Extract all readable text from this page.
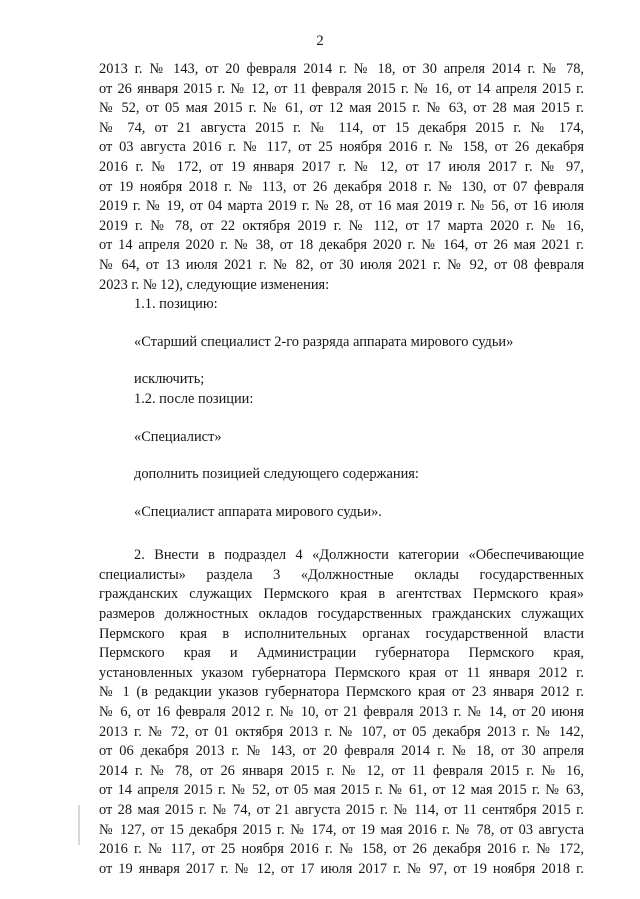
2
2013 г. № 143, от 20 февраля 2014 г. № 18, от 30 апреля 2014 г. № 78,
от 26 января 2015 г. № 12, от 11 февраля 2015 г. № 16, от 14 апреля 2015 г.
№ 52, от 05 мая 2015 г. № 61, от 12 мая 2015 г. № 63, от 28 мая 2015 г.
№ 74, от 21 августа 2015 г. № 114, от 15 декабря 2015 г. № 174,
от 03 августа 2016 г. № 117, от 25 ноября 2016 г. № 158, от 26 декабря
2016 г. № 172, от 19 января 2017 г. № 12, от 17 июля 2017 г. № 97,
от 19 ноября 2018 г. № 113, от 26 декабря 2018 г. № 130, от 07 февраля
2019 г. № 19, от 04 марта 2019 г. № 28, от 16 мая 2019 г. № 56, от 16 июля
2019 г. № 78, от 22 октября 2019 г. № 112, от 17 марта 2020 г. № 16,
от 14 апреля 2020 г. № 38, от 18 декабря 2020 г. № 164, от 26 мая 2021 г.
№ 64, от 13 июля 2021 г. № 82, от 30 июля 2021 г. № 92, от 08 февраля
2023 г. № 12), следующие изменения:
1.1. позицию:
«Старший специалист 2-го разряда аппарата мирового судьи»
исключить;
1.2. после позиции:
«Специалист»
дополнить позицией следующего содержания:
«Специалист аппарата мирового судьи».
2. Внести в подраздел 4 «Должности категории «Обеспечивающие
специалисты» раздела 3 «Должностные оклады государственных
гражданских служащих Пермского края в агентствах Пермского края»
размеров должностных окладов государственных гражданских служащих
Пермского края в исполнительных органах государственной власти
Пермского края и Администрации губернатора Пермского края,
установленных указом губернатора Пермского края от 11 января 2012 г.
№ 1 (в редакции указов губернатора Пермского края от 23 января 2012 г.
№ 6, от 16 февраля 2012 г. № 10, от 21 февраля 2013 г. № 14, от 20 июня
2013 г. № 72, от 01 октября 2013 г. № 107, от 05 декабря 2013 г. № 142,
от 06 декабря 2013 г. № 143, от 20 февраля 2014 г. № 18, от 30 апреля
2014 г. № 78, от 26 января 2015 г. № 12, от 11 февраля 2015 г. № 16,
от 14 апреля 2015 г. № 52, от 05 мая 2015 г. № 61, от 12 мая 2015 г. № 63,
от 28 мая 2015 г. № 74, от 21 августа 2015 г. № 114, от 11 сентября 2015 г.
№ 127, от 15 декабря 2015 г. № 174, от 19 мая 2016 г. № 78, от 03 августа
2016 г. № 117, от 25 ноября 2016 г. № 158, от 26 декабря 2016 г. № 172,
от 19 января 2017 г. № 12, от 17 июля 2017 г. № 97, от 19 ноября 2018 г.
